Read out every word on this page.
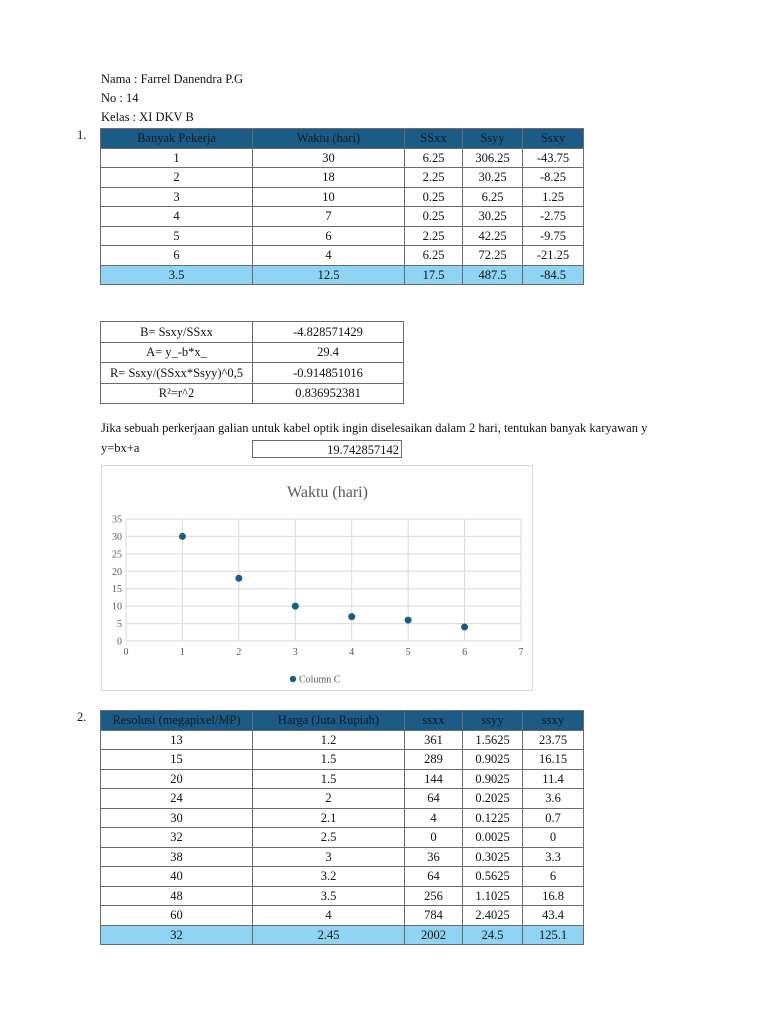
Nama : Farrel Danendra P.G
No : 14
Kelas : XI DKV B
1.	Banyak Pekerja	Waktu (hari)	SSxx	Ssyy	Ssxy
1	30	6.25	306.25	-43.75
2	18	2.25	30.25	-8.25
3	10	0.25	6.25	1.25
4	7	0.25	30.25	-2.75
5	6	2.25	42.25	-9.75
6	4	6.25	72.25	-21.25
3.5	12.5	17.5	487.5	-84.5
B= Ssxy/SSxx	-4.828571429
A= y_-b*x_	29.4
R= Ssxy/(SSxx*Ssyy)^0,5	-0.914851016
R²=r^2	0.836952381
Jika sebuah perkerjaan galian untuk kabel optik ingin diselesaikan dalam 2 hari, tentukan banyak karyawan y
y=bx+a	19.742857142
Waktu (hari)
0
5
10
15
20
25
30
35
0	1	2	3	4	5	6	7
Column C
2. Resolusi (megapixel/MP)	Harga (Juta Rupiah)	ssxx	ssyy	ssxy
13	1.2	361	1.5625	23.75
15	1.5	289	0.9025	16.15
20	1.5	144	0.9025	11.4
24	2	64	0.2025	3.6
30	2.1	4	0.1225	0.7
32	2.5	0	0.0025	0
38	3	36	0.3025	3.3
40	3.2	64	0.5625	6
48	3.5	256	1.1025	16.8
60	4	784	2.4025	43.4
32	2.45	2002	24.5	125.1
